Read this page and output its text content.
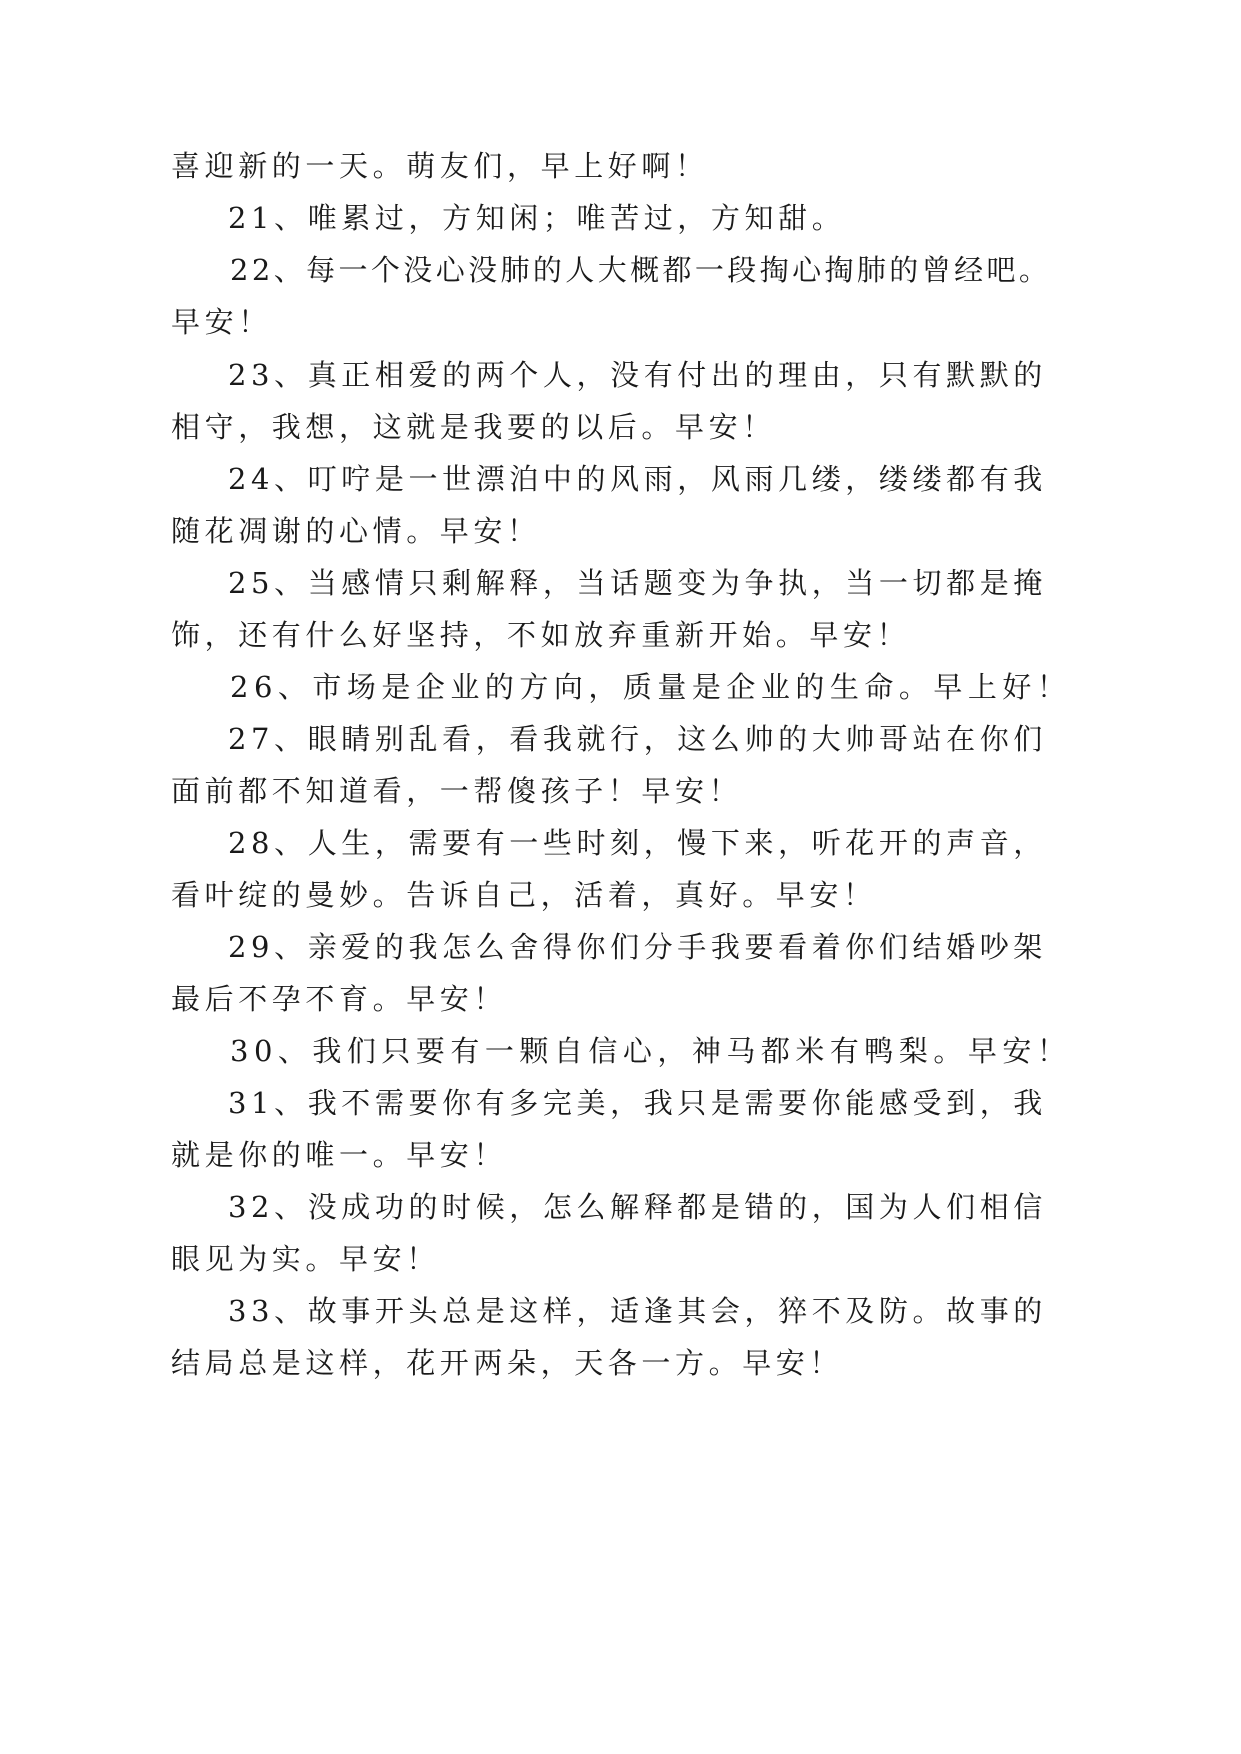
喜迎新的一天。萌友们，早上好啊！
21、唯累过，方知闲；唯苦过，方知甜。
22、每一个没心没肺的人大概都一段掏心掏肺的曾经吧。
早安！
23、真正相爱的两个人，没有付出的理由，只有默默的
相守，我想，这就是我要的以后。早安！
24、叮咛是一世漂泊中的风雨，风雨几缕，缕缕都有我
随花凋谢的心情。早安！
25、当感情只剩解释，当话题变为争执，当一切都是掩
饰，还有什么好坚持，不如放弃重新开始。早安！
26、市场是企业的方向，质量是企业的生命。早上好！
27、眼睛别乱看，看我就行，这么帅的大帅哥站在你们
面前都不知道看，一帮傻孩子！早安！
28、人生，需要有一些时刻，慢下来，听花开的声音，
看叶绽的曼妙。告诉自己，活着，真好。早安！
29、亲爱的我怎么舍得你们分手我要看着你们结婚吵架
最后不孕不育。早安！
30、我们只要有一颗自信心，神马都米有鸭梨。早安！
31、我不需要你有多完美，我只是需要你能感受到，我
就是你的唯一。早安！
32、没成功的时候，怎么解释都是错的，国为人们相信
眼见为实。早安！
33、故事开头总是这样，适逢其会，猝不及防。故事的
结局总是这样，花开两朵，天各一方。早安！
